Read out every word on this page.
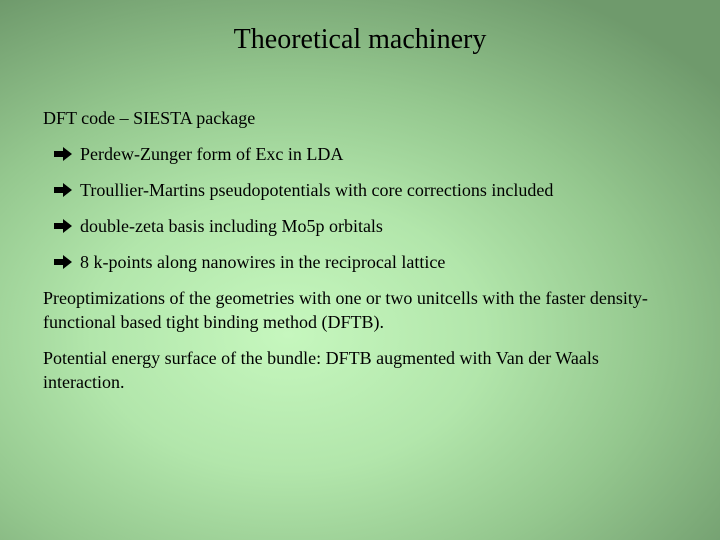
Theoretical machinery
DFT code – SIESTA package
Perdew-Zunger form of Exc in LDA
Troullier-Martins pseudopotentials with core corrections included
double-zeta basis including Mo5p orbitals
8 k-points along nanowires in the reciprocal lattice
Preoptimizations of the geometries with one or two unitcells with the faster density-functional based tight binding method (DFTB).
Potential energy surface of the bundle: DFTB augmented with Van der Waals interaction.
